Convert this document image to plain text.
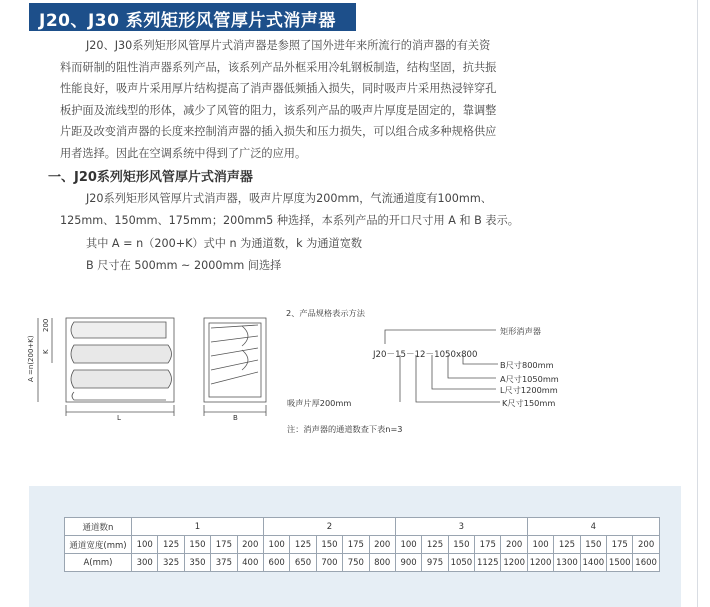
J20、J30 系列矩形风管厚片式消声器
J20、J30系列矩形风管厚片式消声器是参照了国外进年来所流行的消声器的有关资
料而研制的阻性消声器系列产品，该系列产品外框采用冷轧钢板制造，结构坚固，抗共振
性能良好，吸声片采用厚片结构提高了消声器低频插入损失，同时吸声片采用热浸锌穿孔
板护面及流线型的形体，减少了风管的阻力，该系列产品的吸声片厚度是固定的，靠调整
片距及改变消声器的长度来控制消声器的插入损失和压力损失，可以组合成多种规格供应
用者选择。因此在空调系统中得到了广泛的应用。
一、J20系列矩形风管厚片式消声器
J20系列矩形风管厚片式消声器，吸声片厚度为200mm，气流通道度有100mm、
125mm、150mm、175mm；200mm5 种选择，本系列产品的开口尺寸用 A 和 B 表示。
其中 A = n（200+K）式中 n 为通道数，k 为通道宽数
B 尺寸在 500mm ~ 2000mm 间选择
A =n(200+K) K
200
L	B
2、产品规格表示方法
J20－15－12－1050x800
矩形消声器
B尺寸800mm
A尺寸1050mm
L尺寸1200mm
K尺寸150mm
吸声片厚200mm
注：消声器的通道数查下表n=3
通道数n	1					2					3					4				
通道宽度(mm)	100	125	150	175	200	100	125	150	175	200	100	125	150	175	200	100	125	150	175	200
A(mm)	300	325	350	375	400	600	650	700	750	800	900	975	1050	1125	1200	1200	1300	1400	1500	1600
